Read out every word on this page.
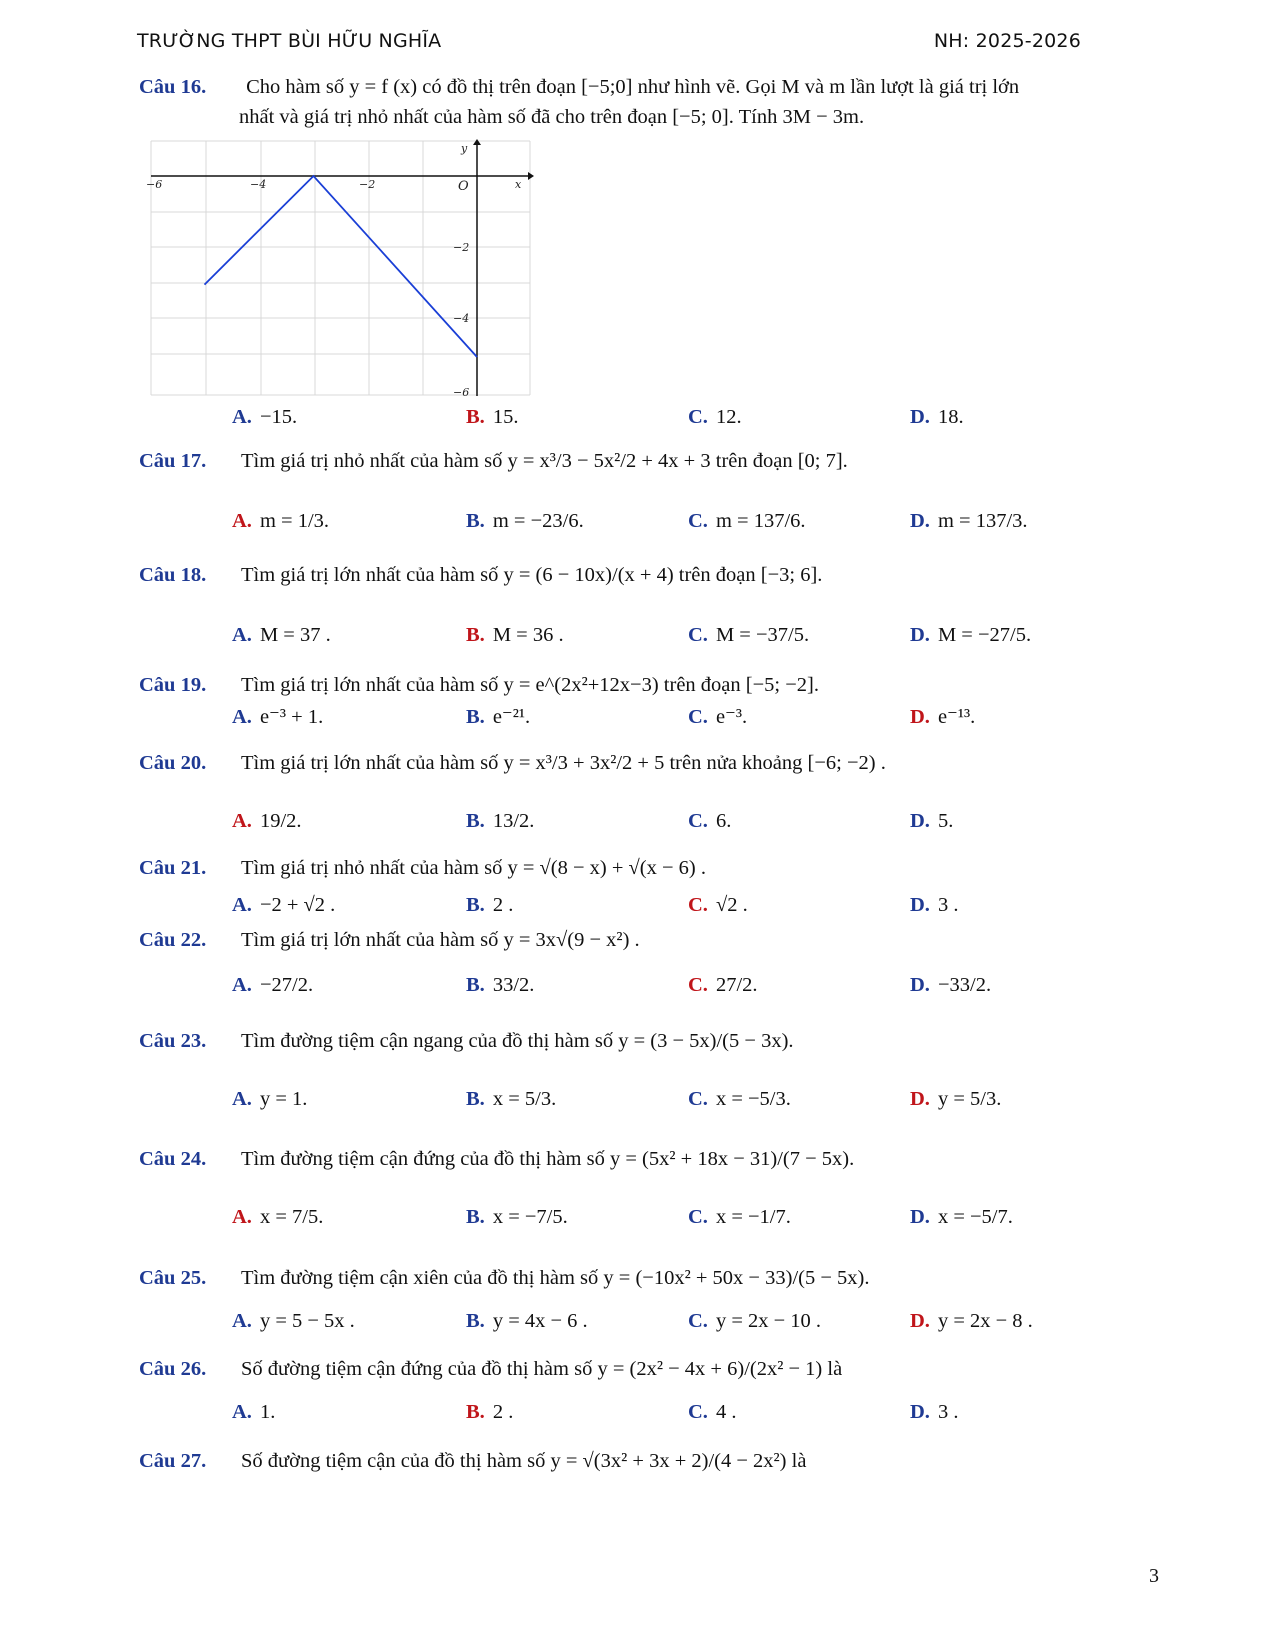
TRƯỜNG THPT BÙI HỮU NGHĨA	NH: 2025-2026
Câu 16. Cho hàm số y = f (x) có đồ thị trên đoạn [−5;0] như hình vẽ. Gọi M và m lần lượt là giá trị lớn
nhất và giá trị nhỏ nhất của hàm số đã cho trên đoạn [−5; 0]. Tính 3M − 3m.
−6	−4	−2
−2
−4
−6
y
x
O
A. −15.	B. 15.	C. 12.	D. 18.
Câu 17. Tìm giá trị nhỏ nhất của hàm số y = x³/3 − 5x²/2 + 4x + 3 trên đoạn [0; 7].
A. m = 1/3.	B. m = −23/6.	C. m = 137/6.	D. m = 137/3.
Câu 18. Tìm giá trị lớn nhất của hàm số y = (6 − 10x)/(x + 4) trên đoạn [−3; 6].
A. M = 37 .	B. M = 36 .	C. M = −37/5.	D. M = −27/5.
Câu 19. Tìm giá trị lớn nhất của hàm số y = e^(2x²+12x−3) trên đoạn [−5; −2].
A. e⁻³ + 1.	B. e⁻²¹.	C. e⁻³.	D. e⁻¹³.
Câu 20. Tìm giá trị lớn nhất của hàm số y = x³/3 + 3x²/2 + 5 trên nửa khoảng [−6; −2) .
A. 19/2.	B. 13/2.	C. 6.	D. 5.
Câu 21. Tìm giá trị nhỏ nhất của hàm số y = √(8 − x) + √(x − 6) .
A. −2 + √2 .	B. 2 .	C. √2 .	D. 3 .
Câu 22. Tìm giá trị lớn nhất của hàm số y = 3x√(9 − x²) .
A. −27/2.	B. 33/2.	C. 27/2.	D. −33/2.
Câu 23. Tìm đường tiệm cận ngang của đồ thị hàm số y = (3 − 5x)/(5 − 3x).
A. y = 1.	B. x = 5/3.	C. x = −5/3.	D. y = 5/3.
Câu 24. Tìm đường tiệm cận đứng của đồ thị hàm số y = (5x² + 18x − 31)/(7 − 5x).
A. x = 7/5.	B. x = −7/5.	C. x = −1/7.	D. x = −5/7.
Câu 25. Tìm đường tiệm cận xiên của đồ thị hàm số y = (−10x² + 50x − 33)/(5 − 5x).
A. y = 5 − 5x .	B. y = 4x − 6 .	C. y = 2x − 10 .	D. y = 2x − 8 .
Câu 26. Số đường tiệm cận đứng của đồ thị hàm số y = (2x² − 4x + 6)/(2x² − 1) là
A. 1.	B. 2 .	C. 4 .	D. 3 .
Câu 27. Số đường tiệm cận của đồ thị hàm số y = √(3x² + 3x + 2)/(4 − 2x²) là
3
